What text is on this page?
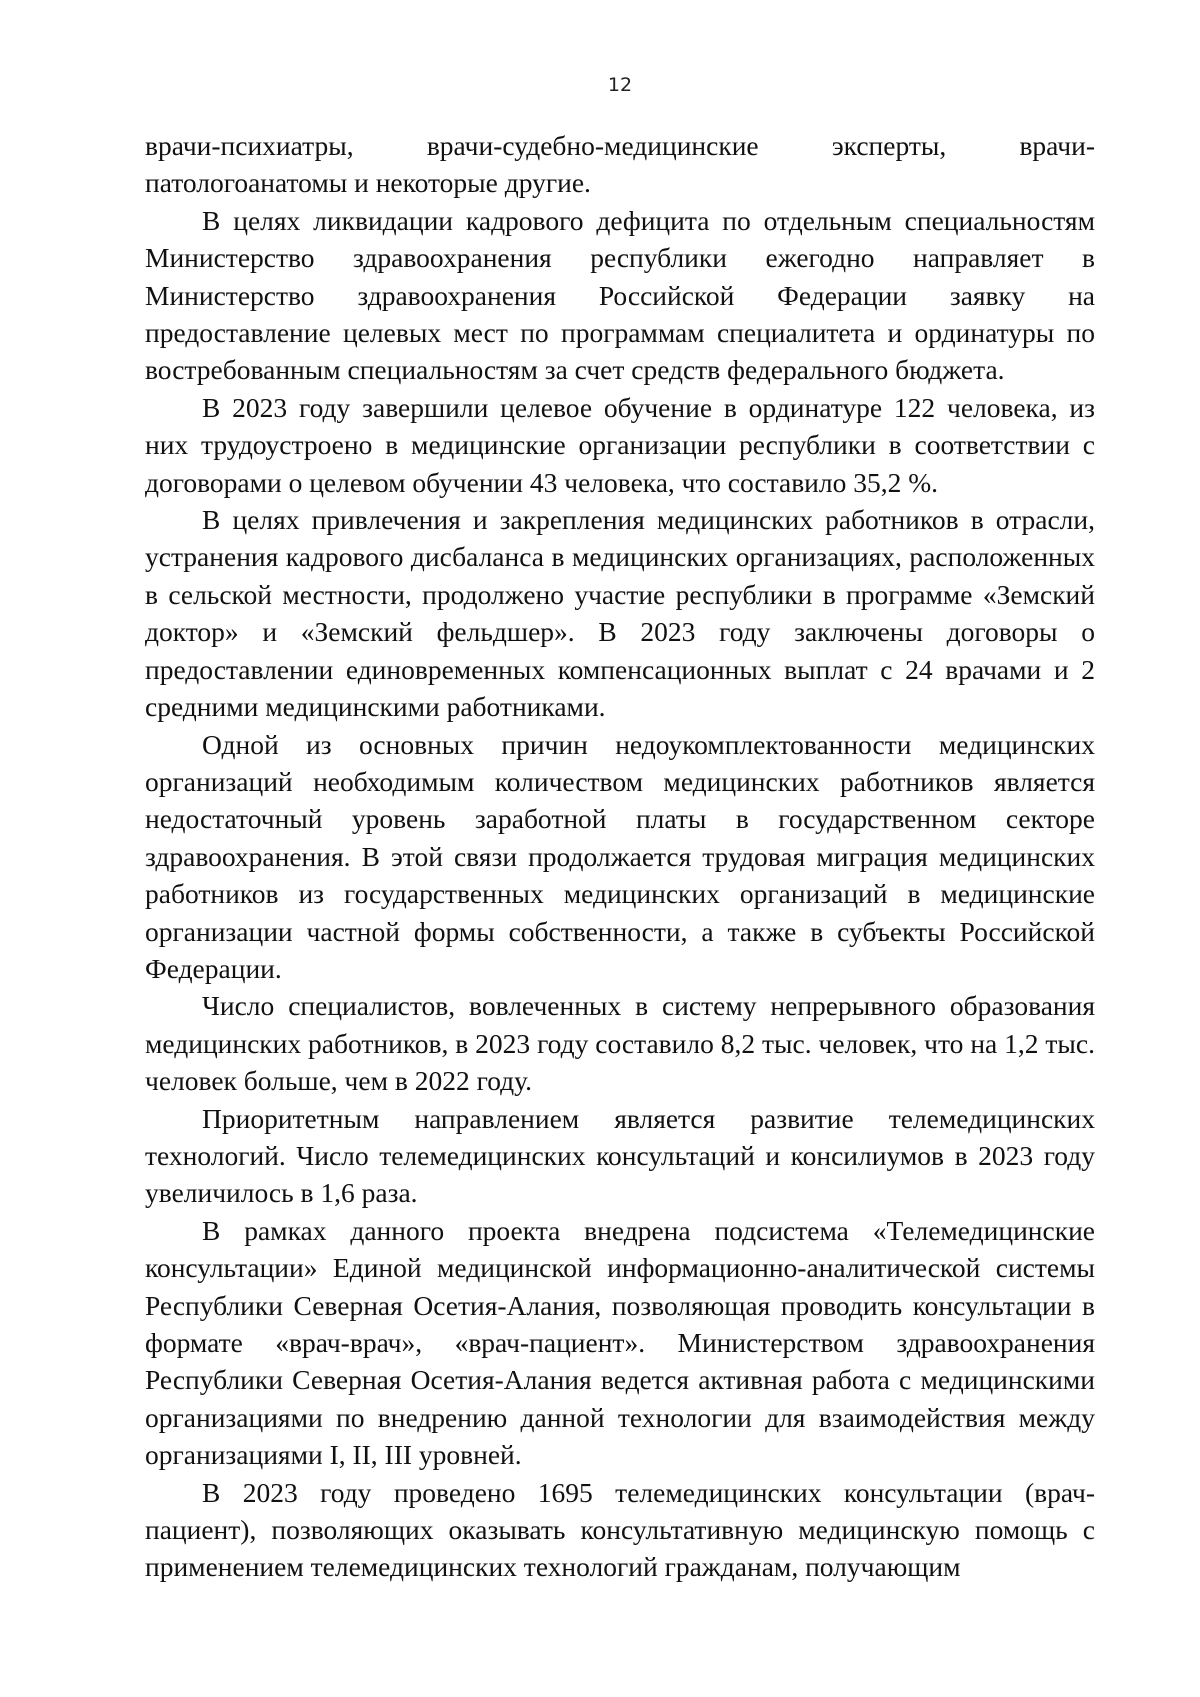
12

врачи-психиатры, врачи-судебно-медицинские эксперты, врачи-патологоанатомы и некоторые другие.

В целях ликвидации кадрового дефицита по отдельным специальностям Министерство здравоохранения республики ежегодно направляет в Министерство здравоохранения Российской Федерации заявку на предоставление целевых мест по программам специалитета и ординатуры по востребованным специальностям за счет средств федерального бюджета.

В 2023 году завершили целевое обучение в ординатуре 122 человека, из них трудоустроено в медицинские организации республики в соответствии с договорами о целевом обучении 43 человека, что составило 35,2 %.

В целях привлечения и закрепления медицинских работников в отрасли, устранения кадрового дисбаланса в медицинских организациях, расположенных в сельской местности, продолжено участие республики в программе «Земский доктор» и «Земский фельдшер». В 2023 году заключены договоры о предоставлении единовременных компенсационных выплат с 24 врачами и 2 средними медицинскими работниками.

Одной из основных причин недоукомплектованности медицинских организаций необходимым количеством медицинских работников является недостаточный уровень заработной платы в государственном секторе здравоохранения. В этой связи продолжается трудовая миграция медицинских работников из государственных медицинских организаций в медицинские организации частной формы собственности, а также в субъекты Российской Федерации.

Число специалистов, вовлеченных в систему непрерывного образования медицинских работников, в 2023 году составило 8,2 тыс. человек, что на 1,2 тыс. человек больше, чем в 2022 году.

Приоритетным направлением является развитие телемедицинских технологий. Число телемедицинских консультаций и консилиумов в 2023 году увеличилось в 1,6 раза.

В рамках данного проекта внедрена подсистема «Телемедицинские консультации» Единой медицинской информационно-аналитической системы Республики Северная Осетия-Алания, позволяющая проводить консультации в формате «врач-врач», «врач-пациент». Министерством здравоохранения Республики Северная Осетия-Алания ведется активная работа с медицинскими организациями по внедрению данной технологии для взаимодействия между организациями I, II, III уровней.

В 2023 году проведено 1695 телемедицинских консультации (врач-пациент), позволяющих оказывать консультативную медицинскую помощь с применением телемедицинских технологий гражданам, получающим
